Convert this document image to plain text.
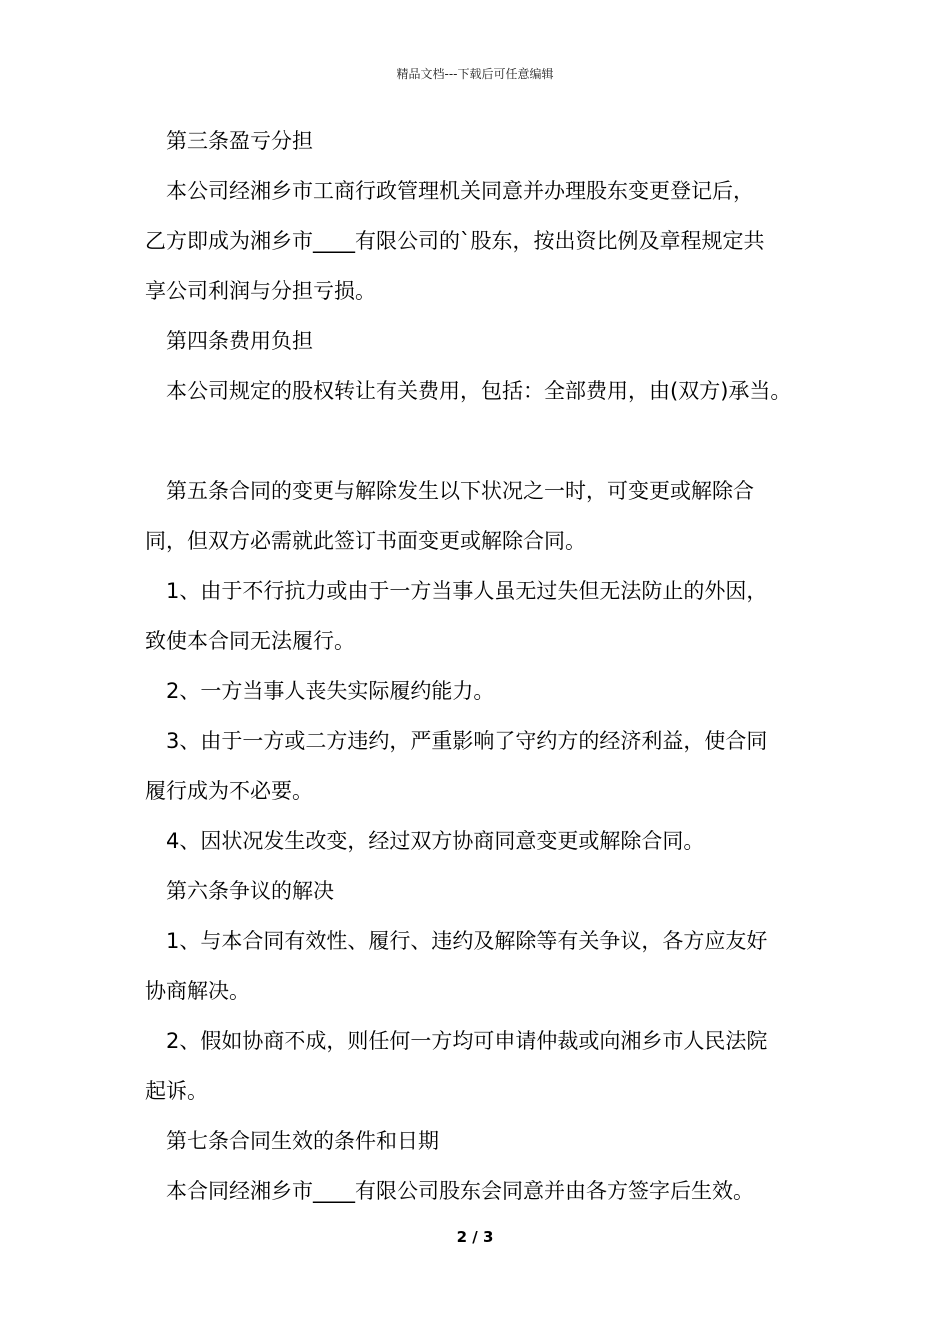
精品文档---下载后可任意编辑
第三条盈亏分担
本公司经湘乡市工商行政管理机关同意并办理股东变更登记后，
乙方即成为湘乡市____有限公司的`股东，按出资比例及章程规定共
享公司利润与分担亏损。
第四条费用负担
本公司规定的股权转让有关费用，包括：全部费用，由(双方)承当。
第五条合同的变更与解除发生以下状况之一时，可变更或解除合
同，但双方必需就此签订书面变更或解除合同。
1、由于不行抗力或由于一方当事人虽无过失但无法防止的外因，
致使本合同无法履行。
2、一方当事人丧失实际履约能力。
3、由于一方或二方违约，严重影响了守约方的经济利益，使合同
履行成为不必要。
4、因状况发生改变，经过双方协商同意变更或解除合同。
第六条争议的解决
1、与本合同有效性、履行、违约及解除等有关争议，各方应友好
协商解决。
2、假如协商不成，则任何一方均可申请仲裁或向湘乡市人民法院
起诉。
第七条合同生效的条件和日期
本合同经湘乡市____有限公司股东会同意并由各方签字后生效。
2 / 3
